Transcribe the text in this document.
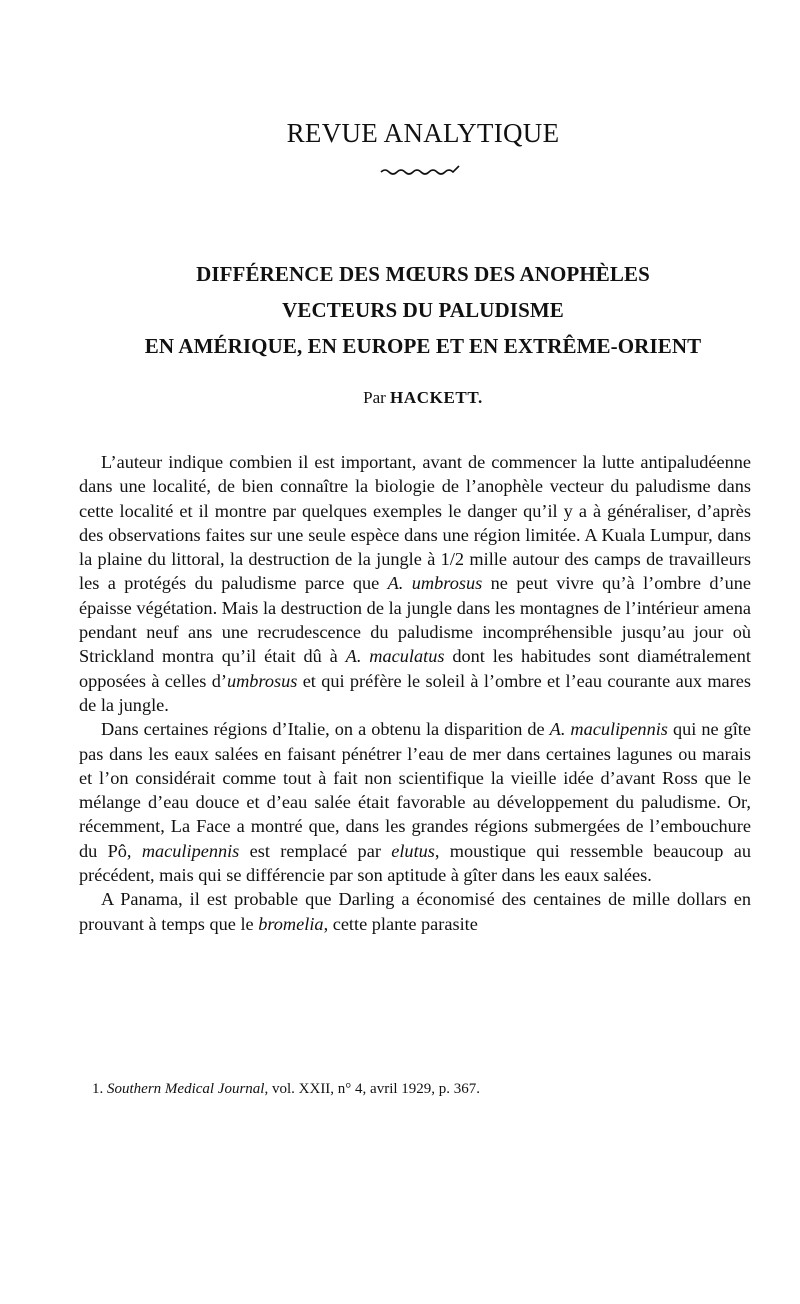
REVUE ANALYTIQUE
DIFFÉRENCE DES MŒURS DES ANOPHÈLES
VECTEURS DU PALUDISME
EN AMÉRIQUE, EN EUROPE ET EN EXTRÊME-ORIENT
Par HACKETT.

L’auteur indique combien il est important, avant de commencer la lutte antipaludéenne dans une localité, de bien connaître la biologie de l’anophèle vecteur du paludisme dans cette localité et il montre par quelques exemples le danger qu’il y a à généraliser, d’après des observations faites sur une seule espèce dans une région limitée. A Kuala Lumpur, dans la plaine du littoral, la destruction de la jungle à 1/2 mille autour des camps de travailleurs les a protégés du paludisme parce que A. umbrosus ne peut vivre qu’à l’ombre d’une épaisse végétation. Mais la destruction de la jungle dans les montagnes de l’intérieur amena pendant neuf ans une recrudescence du paludisme incompréhensible jusqu’au jour où Strickland montra qu’il était dû à A. maculatus dont les habitudes sont diamétralement opposées à celles d’umbrosus et qui préfère le soleil à l’ombre et l’eau courante aux mares de la jungle.

Dans certaines régions d’Italie, on a obtenu la disparition de A. maculipennis qui ne gîte pas dans les eaux salées en faisant pénétrer l’eau de mer dans certaines lagunes ou marais et l’on considérait comme tout à fait non scientifique la vieille idée d’avant Ross que le mélange d’eau douce et d’eau salée était favorable au développement du paludisme. Or, récemment, La Face a montré que, dans les grandes régions submergées de l’embouchure du Pô, maculipennis est remplacé par elutus, moustique qui ressemble beaucoup au précédent, mais qui se différencie par son aptitude à gîter dans les eaux salées.

A Panama, il est probable que Darling a économisé des centaines de mille dollars en prouvant à temps que le bromelia, cette plante parasite

1. Southern Medical Journal, vol. XXII, n° 4, avril 1929, p. 367.
